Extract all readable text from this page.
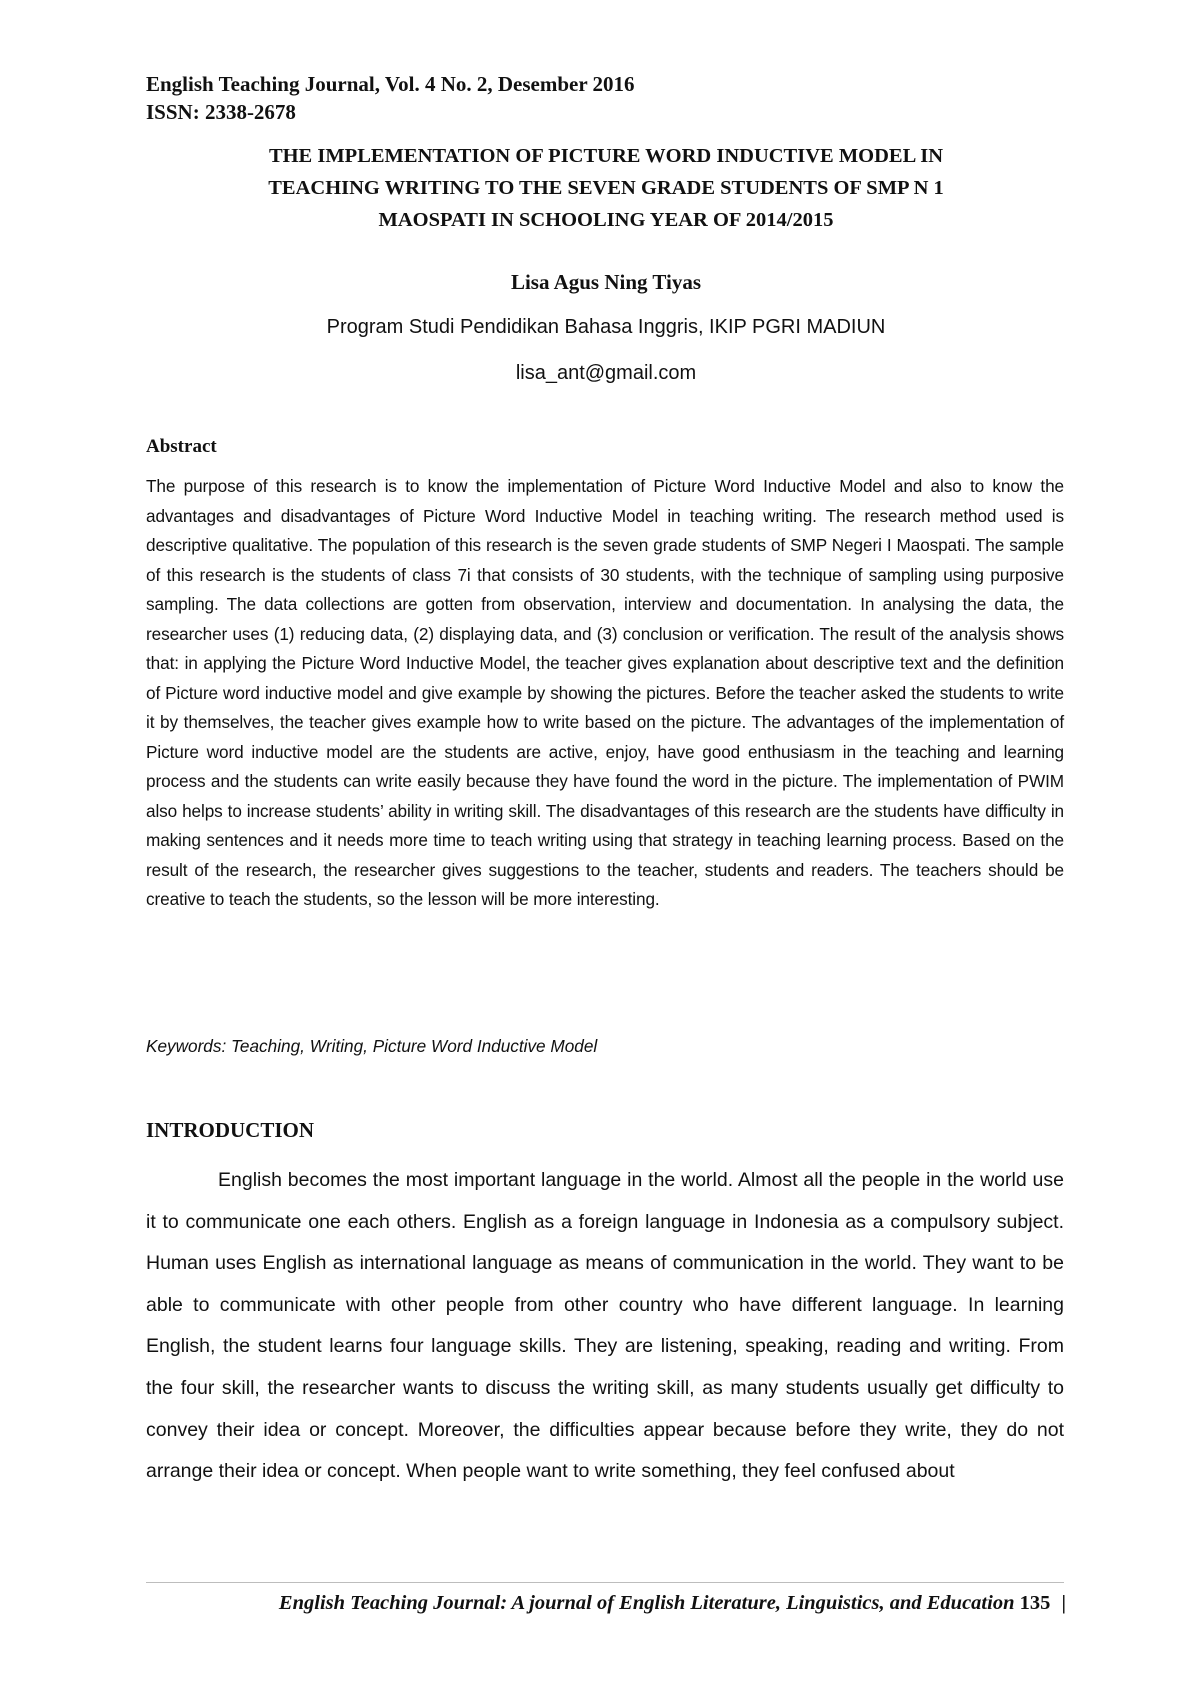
English Teaching Journal, Vol. 4 No. 2, Desember 2016

ISSN: 2338-2678

THE IMPLEMENTATION OF PICTURE WORD INDUCTIVE MODEL IN
TEACHING WRITING TO THE SEVEN GRADE STUDENTS OF SMP N 1
MAOSPATI IN SCHOOLING YEAR OF 2014/2015
Lisa Agus Ning Tiyas
Program Studi Pendidikan Bahasa Inggris, IKIP PGRI MADIUN
lisa_ant@gmail.com
Abstract

The purpose of this research is to know the implementation of Picture Word Inductive Model and also to know the advantages and disadvantages of Picture Word Inductive Model in teaching writing. The research method used is descriptive qualitative. The population of this research is the seven grade students of SMP Negeri I Maospati. The sample of this research is the students of class 7i that consists of 30 students, with the technique of sampling using purposive sampling. The data collections are gotten from observation, interview and documentation. In analysing the data, the researcher uses (1) reducing data, (2) displaying data, and (3) conclusion or verification. The result of the analysis shows that: in applying the Picture Word Inductive Model, the teacher gives explanation about descriptive text and the definition of Picture word inductive model and give example by showing the pictures. Before the teacher asked the students to write it by themselves, the teacher gives example how to write based on the picture. The advantages of the implementation of Picture word inductive model are the students are active, enjoy, have good enthusiasm in the teaching and learning process and the students can write easily because they have found the word in the picture. The implementation of PWIM also helps to increase students’ ability in writing skill. The disadvantages of this research are the students have difficulty in making sentences and it needs more time to teach writing using that strategy in teaching learning process. Based on the result of the research, the researcher gives suggestions to the teacher, students and readers. The teachers should be creative to teach the students, so the lesson will be more interesting.

Keywords: Teaching, Writing, Picture Word Inductive Model
INTRODUCTION

English becomes the most important language in the world. Almost all the people in the world use it to communicate one each others. English as a foreign language in Indonesia as a compulsory subject. Human uses English as international language as means of communication in the world. They want to be able to communicate with other people from other country who have different language. In learning English, the student learns four language skills. They are listening, speaking, reading and writing. From the four skill, the researcher wants to discuss the writing skill, as many students usually get difficulty to convey their idea or concept. Moreover, the difficulties appear because before they write, they do not arrange their idea or concept. When people want to write something, they feel confused about

English Teaching Journal: A journal of English Literature, Linguistics, and Education 135 |
